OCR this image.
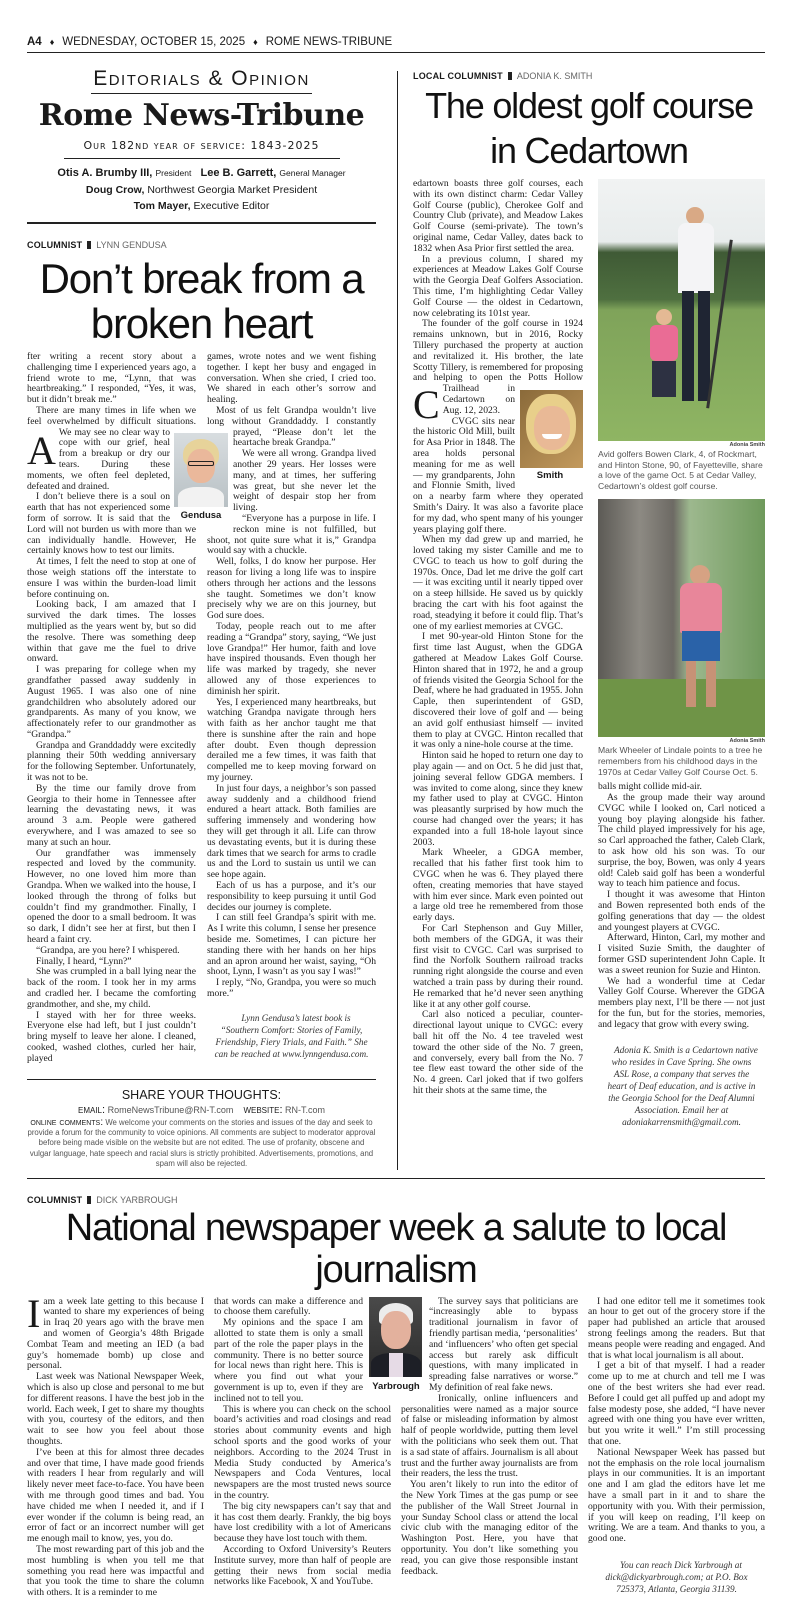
A4 ♦ WEDNESDAY, OCTOBER 15, 2025 ♦ ROME NEWS-TRIBUNE
Editorials & Opinion
Rome News-Tribune
Our 182nd year of service: 1843-2025
Otis A. Brumby III, President Lee B. Garrett, General Manager
Doug Crow, Northwest Georgia Market President
Tom Mayer, Executive Editor
COLUMNIST LYNN GENDUSA
Don’t break from a
broken heart
A

fter writing a recent story about a challenging time I experienced years ago, a friend wrote to me, “Lynn, that was heartbreaking.” I responded, “Yes, it was, but it didn’t break me.”

There are many times in life when we feel overwhelmed by difficult situations. We may see no clear way to cope with our grief, heal from a breakup or dry our tears. During these moments, we often feel depleted, defeated and drained.

I don’t believe there is a soul on earth that has not experienced some form of sorrow. It is said that the Lord will not burden us with more than we can individually handle. However, He certainly knows how to test our limits.

At times, I felt the need to stop at one of those weigh stations off the interstate to ensure I was within the burden-load limit before continuing on.

Looking back, I am amazed that I survived the dark times. The losses multiplied as the years went by, but so did the resolve. There was something deep within that gave me the fuel to drive onward.

I was preparing for college when my grandfather passed away suddenly in August 1965. I was also one of nine grandchildren who absolutely adored our grandparents. As many of you know, we affectionately refer to our grandmother as “Grandpa.”

Grandpa and Granddaddy were excitedly planning their 50th wedding anniversary for the following September. Unfortunately, it was not to be.

By the time our family drove from Georgia to their home in Tennessee after learning the devastating news, it was around 3 a.m. People were gathered everywhere, and I was amazed to see so many at such an hour.

Our grandfather was immensely respected and loved by the community. However, no one loved him more than Grandpa. When we walked into the house, I looked through the throng of folks but couldn’t find my grandmother. Finally, I opened the door to a small bedroom. It was so dark, I didn’t see her at first, but then I heard a faint cry.

“Grandpa, are you here? I whispered.

Finally, I heard, “Lynn?”

She was crumpled in a ball lying near the back of the room. I took her in my arms and cradled her. I became the comforting grandmother, and she, my child.

I stayed with her for three weeks. Everyone else had left, but I just couldn’t bring myself to leave her alone. I cleaned, cooked, washed clothes, curled her hair, played

games, wrote notes and we went fishing together. I kept her busy and engaged in conversation. When she cried, I cried too. We shared in each other’s sorrow and healing.

Most of us felt Grandpa wouldn’t live long without Granddaddy. I constantly prayed, “Please don’t let the heartache break Grandpa.”

We were all wrong. Grandpa lived another 29 years. Her losses were many, and at times, her suffering was great, but she never let the weight of despair stop her from living.

“Everyone has a purpose in life. I reckon mine is not fulfilled, but shoot, not quite sure what it is,” Grandpa would say with a chuckle.

Well, folks, I do know her purpose. Her reason for living a long life was to inspire others through her actions and the lessons she taught. Sometimes we don’t know precisely why we are on this journey, but God sure does.

Today, people reach out to me after reading a “Grandpa” story, saying, “We just love Grandpa!” Her humor, faith and love have inspired thousands. Even though her life was marked by tragedy, she never allowed any of those experiences to diminish her spirit.

Yes, I experienced many heartbreaks, but watching Grandpa navigate through hers with faith as her anchor taught me that there is sunshine after the rain and hope after doubt. Even though depression derailed me a few times, it was faith that compelled me to keep moving forward on my journey.

In just four days, a neighbor’s son passed away suddenly and a childhood friend endured a heart attack. Both families are suffering immensely and wondering how they will get through it all. Life can throw us devastating events, but it is during these dark times that we search for arms to cradle us and the Lord to sustain us until we can see hope again.

Each of us has a purpose, and it’s our responsibility to keep pursuing it until God decides our journey is complete.

I can still feel Grandpa’s spirit with me. As I write this column, I sense her presence beside me. Sometimes, I can picture her standing there with her hands on her hips and an apron around her waist, saying, “Oh shoot, Lynn, I wasn’t as you say I was!”

I reply, “No, Grandpa, you were so much more.”

Lynn Gendusa’s latest book is “Southern Comfort: Stories of Family, Friendship, Fiery Trials, and Faith.” She can be reached at www.lynngendusa.com.

Gendusa
SHARE YOUR THOUGHTS:
email: RomeNewsTribune@RN-T.com website: RN-T.com
online comments: We welcome your comments on the stories and issues of the day and seek to provide a forum for the community to voice opinions. All comments are subject to moderator approval before being made visible on the website but are not edited. The use of profanity, obscene and vulgar language, hate speech and racial slurs is strictly prohibited. Advertisements, promotions, and spam will also be rejected.
LOCAL COLUMNIST ADONIA K. SMITH
The oldest golf course
in Cedartown
C

edartown boasts three golf courses, each with its own distinct charm: Cedar Valley Golf Course (public), Cherokee Golf and Country Club (private), and Meadow Lakes Golf Course (semi-private). The town’s original name, Cedar Valley, dates back to 1832 when Asa Prior first settled the area.

In a previous column, I shared my experiences at Meadow Lakes Golf Course with the Georgia Deaf Golfers Association. This time, I’m highlighting Cedar Valley Golf Course — the oldest in Cedartown, now celebrating its 101st year.

The founder of the golf course in 1924 remains unknown, but in 2016, Rocky Tillery purchased the property at auction and revitalized it. His brother, the late Scotty Tillery, is remembered for proposing and helping to open the Potts Hollow Trailhead in Cedartown on Aug. 12, 2023.

CVGC sits near the historic Old Mill, built for Asa Prior in 1848. The area holds personal meaning for me as well — my grandparents, John and Flonnie Smith, lived on a nearby farm where they operated Smith’s Dairy. It was also a favorite place for my dad, who spent many of his younger years playing golf there.

When my dad grew up and married, he loved taking my sister Camille and me to CVGC to teach us how to golf during the 1970s. Once, Dad let me drive the golf cart — it was exciting until it nearly tipped over on a steep hillside. He saved us by quickly bracing the cart with his foot against the road, steadying it before it could flip. That’s one of my earliest memories at CVGC.

I met 90-year-old Hinton Stone for the first time last August, when the GDGA gathered at Meadow Lakes Golf Course. Hinton shared that in 1972, he and a group of friends visited the Georgia School for the Deaf, where he had graduated in 1955. John Caple, then superintendent of GSD, discovered their love of golf and — being an avid golf enthusiast himself — invited them to play at CVGC. Hinton recalled that it was only a nine-hole course at the time.

Hinton said he hoped to return one day to play again — and on Oct. 5 he did just that, joining several fellow GDGA members. I was invited to come along, since they knew my father used to play at CVGC. Hinton was pleasantly surprised by how much the course had changed over the years; it has expanded into a full 18-hole layout since 2003.

Mark Wheeler, a GDGA member, recalled that his father first took him to CVGC when he was 6. They played there often, creating memories that have stayed with him ever since. Mark even pointed out a large old tree he remembered from those early days.

For Carl Stephenson and Guy Miller, both members of the GDGA, it was their first visit to CVGC. Carl was surprised to find the Norfolk Southern railroad tracks running right alongside the course and even watched a train pass by during their round. He remarked that he’d never seen anything like it at any other golf course.

Carl also noticed a peculiar, counter-directional layout unique to CVGC: every ball hit off the No. 4 tee traveled west toward the other side of the No. 7 green, and conversely, every ball from the No. 7 tee flew east toward the other side of the No. 4 green. Carl joked that if two golfers hit their shots at the same time, the

Smith
Adonia Smith
Avid golfers Bowen Clark, 4, of Rockmart, and Hinton Stone, 90, of Fayetteville, share a love of the game Oct. 5 at Cedar Valley, Cedartown’s oldest golf course.
Adonia Smith
Mark Wheeler of Lindale points to a tree he remembers from his childhood days in the 1970s at Cedar Valley Golf Course Oct. 5.

balls might collide mid-air.

As the group made their way around CVGC while I looked on, Carl noticed a young boy playing alongside his father. The child played impressively for his age, so Carl approached the father, Caleb Clark, to ask how old his son was. To our surprise, the boy, Bowen, was only 4 years old! Caleb said golf has been a wonderful way to teach him patience and focus.

I thought it was awesome that Hinton and Bowen represented both ends of the golfing generations that day — the oldest and youngest players at CVGC.

Afterward, Hinton, Carl, my mother and I visited Suzie Smith, the daughter of former GSD superintendent John Caple. It was a sweet reunion for Suzie and Hinton.

We had a wonderful time at Cedar Valley Golf Course. Wherever the GDGA members play next, I’ll be there — not just for the fun, but for the stories, memories, and legacy that grow with every swing.

Adonia K. Smith is a Cedartown native who resides in Cave Spring. She owns ASL Rose, a company that serves the heart of Deaf education, and is active in the Georgia School for the Deaf Alumni Association. Email her at adoniakarrensmith@gmail.com.

COLUMNIST DICK YARBROUGH
National newspaper week a salute to local journalism
I am a week late getting to this because I wanted to share my experiences of being in Iraq 20 years ago with the brave men and women of Georgia’s 48th Brigade Combat Team and meeting an IED (a bad guy’s homemade bomb) up close and personal.

Last week was National Newspaper Week, which is also up close and personal to me but for different reasons. I have the best job in the world. Each week, I get to share my thoughts with you, courtesy of the editors, and then wait to see how you feel about those thoughts.

I’ve been at this for almost three decades and over that time, I have made good friends with readers I hear from regularly and will likely never meet face-to-face. You have been with me through good times and bad. You have chided me when I needed it, and if I ever wonder if the column is being read, an error of fact or an incorrect number will get me enough mail to know, yes, you do.

The most rewarding part of this job and the most humbling is when you tell me that something you read here was impactful and that you took the time to share the column with others. It is a reminder to me

that words can make a difference and to choose them carefully.

My opinions and the space I am allotted to state them is only a small part of the role the paper plays in the community. There is no better source for local news than right here. This is where you find out what your government is up to, even if they are inclined not to tell you.

This is where you can check on the school board’s activities and road closings and read stories about community events and high school sports and the good works of your neighbors. According to the 2024 Trust in Media Study conducted by America’s Newspapers and Coda Ventures, local newspapers are the most trusted news source in the country.

The big city newspapers can’t say that and it has cost them dearly. Frankly, the big boys have lost credibility with a lot of Americans because they have lost touch with them.

According to Oxford University’s Reuters Institute survey, more than half of people are getting their news from social media networks like Facebook, X and YouTube.

The survey says that politicians are “increasingly able to bypass traditional journalism in favor of friendly partisan media, ‘personalities’ and ‘influencers’ who often get special access but rarely ask difficult questions, with many implicated in spreading false narratives or worse.” My definition of real fake news.

Ironically, online influencers and personalities were named as a major source of false or misleading information by almost half of people worldwide, putting them level with the politicians who seek them out. That is a sad state of affairs. Journalism is all about trust and the further away journalists are from their readers, the less the trust.

You aren’t likely to run into the editor of the New York Times at the gas pump or see the publisher of the Wall Street Journal in your Sunday School class or attend the local civic club with the managing editor of the Washington Post. Here, you have that opportunity. You don’t like something you read, you can give those responsible instant feedback.

I had one editor tell me it sometimes took an hour to get out of the grocery store if the paper had published an article that aroused strong feelings among the readers. But that means people were reading and engaged. And that is what local journalism is all about.

I get a bit of that myself. I had a reader come up to me at church and tell me I was one of the best writers she had ever read. Before I could get all puffed up and adopt my false modesty pose, she added, “I have never agreed with one thing you have ever written, but you write it well.” I’m still processing that one.

National Newspaper Week has passed but not the emphasis on the role local journalism plays in our communities. It is an important one and I am glad the editors have let me have a small part in it and to share the opportunity with you. With their permission, if you will keep on reading, I’ll keep on writing. We are a team. And thanks to you, a good one.

You can reach Dick Yarbrough at dick@dickyarbrough.com; at P.O. Box 725373, Atlanta, Georgia 31139.

Yarbrough
